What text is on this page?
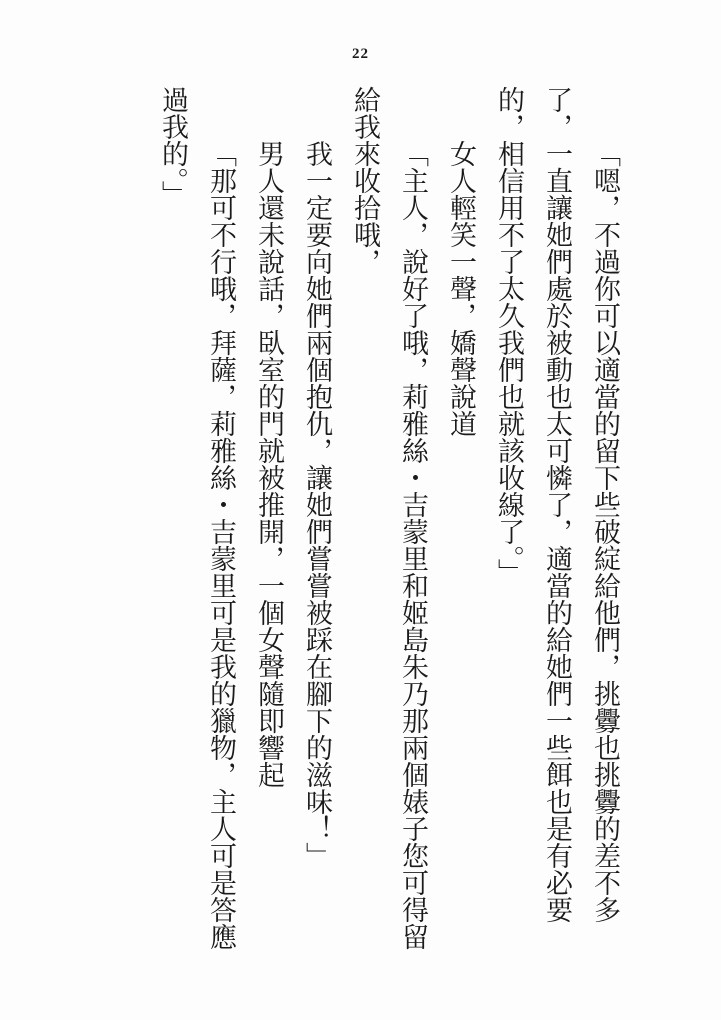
22

「嗯，不過你可以適當的留下些破綻給他們，挑釁也挑釁的差不多了，一直讓她們處於被動也太可憐了，適當的給她們一些餌也是有必要的，相信用不了太久我們也就該收線了。」

女人輕笑一聲，嬌聲說道

「主人，說好了哦，莉雅絲・吉蒙里和姬島朱乃那兩個婊子您可得留給我來收拾哦，

我一定要向她們兩個抱仇，讓她們嘗嘗被踩在腳下的滋味！」

男人還未說話，臥室的門就被推開，一個女聲隨即響起

「那可不行哦，拜薩，莉雅絲・吉蒙里可是我的獵物，主人可是答應過我的。」
